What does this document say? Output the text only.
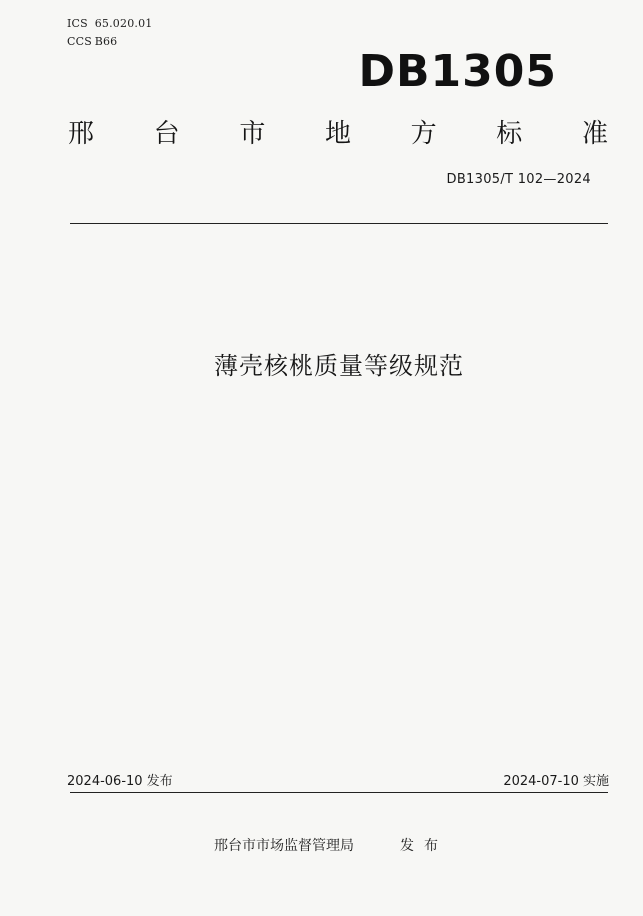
ICS 65.020.01
CCS B66
DB1305
邢 台 市 地 方 标 准
DB1305/T 102—2024
薄壳核桃质量等级规范
2024-06-10 发布	2024-07-10 实施
邢台市市场监督管理局	发布
